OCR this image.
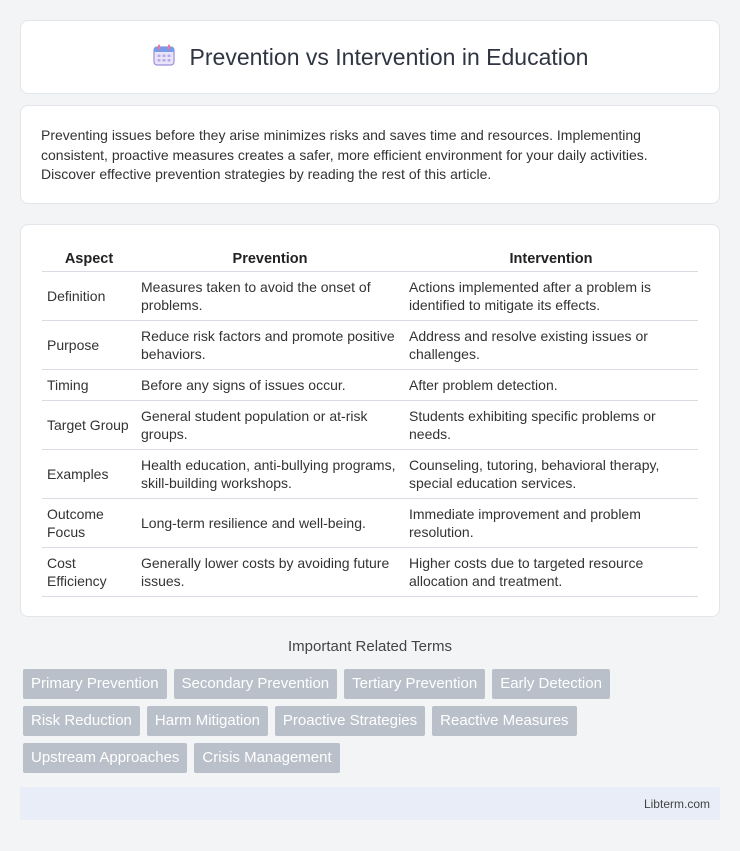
Prevention vs Intervention in Education

Preventing issues before they arise minimizes risks and saves time and resources. Implementing consistent, proactive measures creates a safer, more efficient environment for your daily activities. Discover effective prevention strategies by reading the rest of this article.

Aspect	Prevention	Intervention
Definition	Measures taken to avoid the onset of problems.	Actions implemented after a problem is identified to mitigate its effects.
Purpose	Reduce risk factors and promote positive behaviors.	Address and resolve existing issues or challenges.
Timing	Before any signs of issues occur.	After problem detection.
Target Group	General student population or at-risk groups.	Students exhibiting specific problems or needs.
Examples	Health education, anti-bullying programs, skill-building workshops.	Counseling, tutoring, behavioral therapy, special education services.
Outcome Focus	Long-term resilience and well-being.	Immediate improvement and problem resolution.
Cost Efficiency	Generally lower costs by avoiding future issues.	Higher costs due to targeted resource allocation and treatment.
Important Related Terms
Primary Prevention	Secondary Prevention	Tertiary Prevention	Early Detection
Risk Reduction	Harm Mitigation	Proactive Strategies	Reactive Measures
Upstream Approaches	Crisis Management
Libterm.com
